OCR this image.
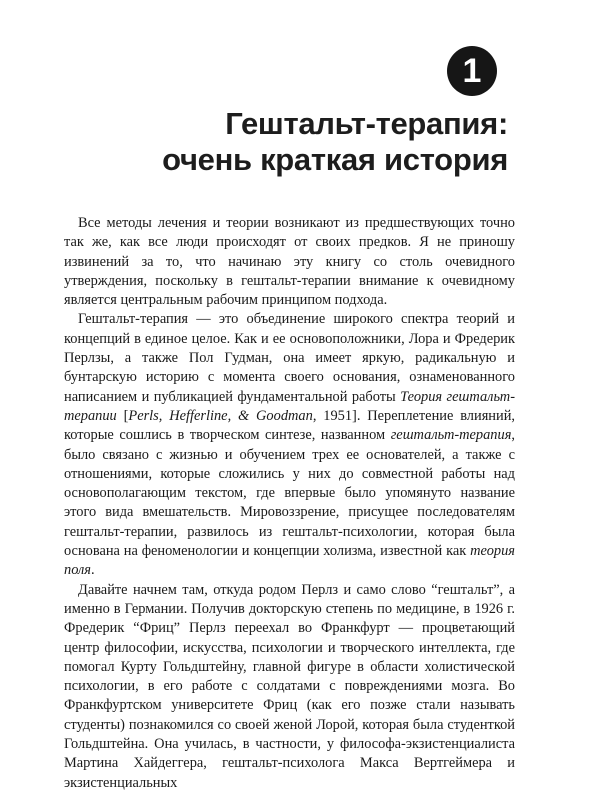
1
Гештальт-терапия:
очень краткая история

Все методы лечения и теории возникают из предшествующих точно так же, как все люди происходят от своих предков. Я не приношу извинений за то, что начинаю эту книгу со столь очевидного утверждения, поскольку в гештальт-терапии внимание к очевидному является центральным рабочим принципом подхода.

Гештальт-терапия — это объединение широкого спектра теорий и концепций в единое целое. Как и ее основоположники, Лора и Фредерик Перлзы, а также Пол Гудман, она имеет яркую, радикальную и бунтарскую историю с момента своего основания, ознаменованного написанием и публикацией фундаментальной работы Теория гештальт-терапии [Perls, Hefferline, & Goodman, 1951]. Переплетение влияний, которые сошлись в творческом синтезе, названном гештальт-терапия, было связано с жизнью и обучением трех ее основателей, а также с отношениями, которые сложились у них до совместной работы над основополагающим текстом, где впервые было упомянуто название этого вида вмешательств. Мировоззрение, присущее последователям гештальт-терапии, развилось из гештальт-психологии, которая была основана на феноменологии и концепции холизма, известной как теория поля.

Давайте начнем там, откуда родом Перлз и само слово “гештальт”, а именно в Германии. Получив докторскую степень по медицине, в 1926 г. Фредерик “Фриц” Перлз переехал во Франкфурт — процветающий центр философии, искусства, психологии и творческого интеллекта, где помогал Курту Гольдштейну, главной фигуре в области холистической психологии, в его работе с солдатами с повреждениями мозга. Во Франкфуртском университете Фриц (как его позже стали называть студенты) познакомился со своей женой Лорой, которая была студенткой Гольдштейна. Она училась, в частности, у философа-экзистенциалиста Мартина Хайдеггера, гештальт-психолога Макса Вертгеймера и экзистенциальных
